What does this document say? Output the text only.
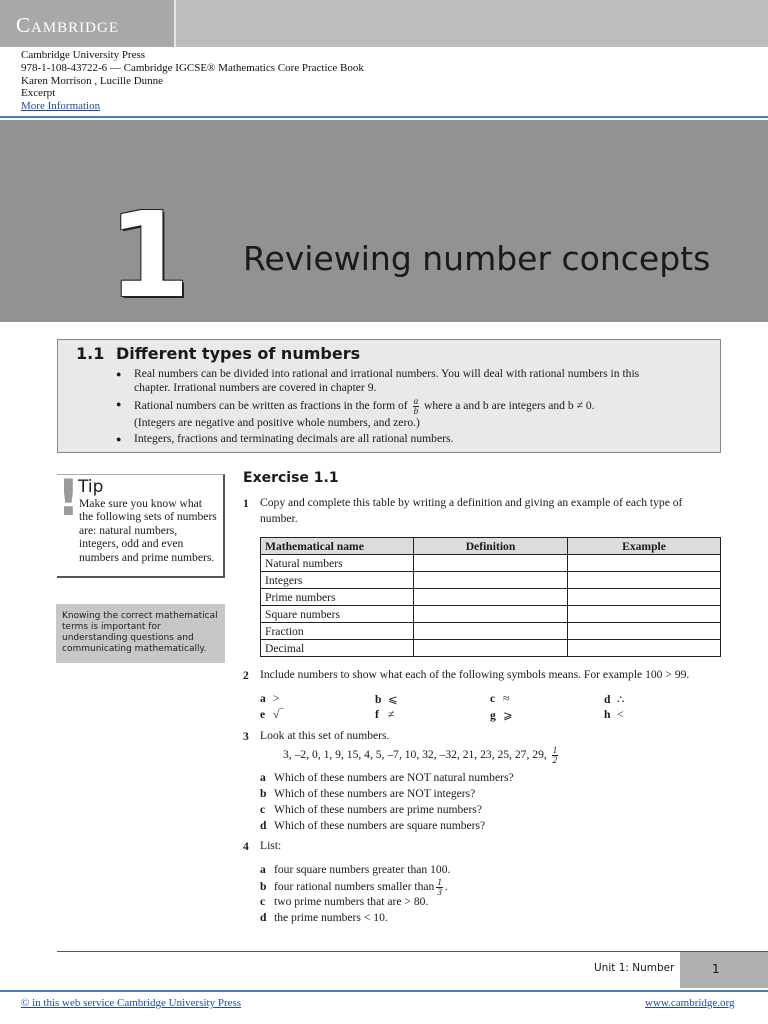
Cambridge
Cambridge University Press
978-1-108-43722-6 — Cambridge IGCSE® Mathematics Core Practice Book
Karen Morrison , Lucille Dunne
Excerpt
More Information
1 Reviewing number concepts
1.1 Different types of numbers
● Real numbers can be divided into rational and irrational numbers. You will deal with rational numbers in this chapter. Irrational numbers are covered in chapter 9.
● Rational numbers can be written as fractions in the form of $\frac{a}{b}$ where a and b are integers and b ≠ 0.
(Integers are negative and positive whole numbers, and zero.)
● Integers, fractions and terminating decimals are all rational numbers.
!
Tip
Make sure you know what the following sets of numbers are: natural numbers, integers, odd and even numbers and prime numbers.
Knowing the correct mathematical terms is important for understanding questions and communicating mathematically.
Exercise 1.1
1 Copy and complete this table by writing a definition and giving an example of each type of number.
Mathematical name	Definition	Example
Natural numbers		
Integers		
Prime numbers		
Square numbers		
Fraction		
Decimal		
2 Include numbers to show what each of the following symbols means. For example 100 > 99.
a >	b ⩽	c ≈	d ∴
e √‾	f ≠	g ⩾	h <
3 Look at this set of numbers.
3, –2, 0, 1, 9, 15, 4, 5, –7, 10, 32, –32, 21, 23, 25, 27, 29, $\frac{1}{2}$
a Which of these numbers are NOT natural numbers?
b Which of these numbers are NOT integers?
c Which of these numbers are prime numbers?
d Which of these numbers are square numbers?
4 List:
a four square numbers greater than 100.
b four rational numbers smaller than $\frac{1}{3}$ .
c two prime numbers that are > 80.
d the prime numbers < 10.
Unit 1: Number	1
© in this web service Cambridge University Press	www.cambridge.org
